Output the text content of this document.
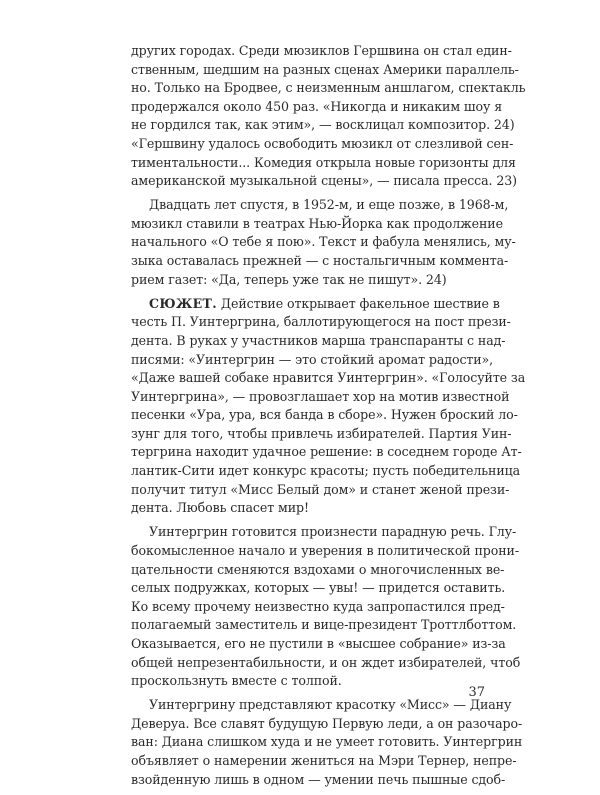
других городах. Среди мюзиклов Гершвина он стал един-
ственным, шедшим на разных сценах Америки параллель-
но. Только на Бродвее, с неизменным аншлагом, спектакль
продержался около 450 раз. «Никогда и никаким шоу я
не гордился так, как этим», — восклицал композитор. 24)
«Гершвину удалось освободить мюзикл от слезливой сен-
тиментальности... Комедия открыла новые горизонты для
американской музыкальной сцены», — писала пресса. 23)
Двадцать лет спустя, в 1952-м, и еще позже, в 1968-м,
мюзикл ставили в театрах Нью-Йорка как продолжение
начального «О тебе я пою». Текст и фабула менялись, му-
зыка оставалась прежней — с ностальгичным коммента-
рием газет: «Да, теперь уже так не пишут». 24)
СЮЖЕТ. Действие открывает факельное шествие в
честь П. Уинтергрина, баллотирующегося на пост прези-
дента. В руках у участников марша транспаранты с над-
писями: «Уинтергрин — это стойкий аромат радости»,
«Даже вашей собаке нравится Уинтергрин». «Голосуйте за
Уинтергрина», — провозглашает хор на мотив известной
песенки «Ура, ура, вся банда в сборе». Нужен броский ло-
зунг для того, чтобы привлечь избирателей. Партия Уин-
тергрина находит удачное решение: в соседнем городе Ат-
лантик-Сити идет конкурс красоты; пусть победительница
получит титул «Мисс Белый дом» и станет женой прези-
дента. Любовь спасет мир!
Уинтергрин готовится произнести парадную речь. Глу-
бокомысленное начало и уверения в политической прони-
цательности сменяются вздохами о многочисленных ве-
селых подружках, которых — увы! — придется оставить.
Ко всему прочему неизвестно куда запропастился пред-
полагаемый заместитель и вице-президент Троттлботтом.
Оказывается, его не пустили в «высшее собрание» из-за
общей непрезентабильности, и он ждет избирателей, чтоб
проскользнуть вместе с толпой.
Уинтергрину представляют красотку «Мисс» — Диану
Деверуа. Все славят будущую Первую леди, а он разочаро-
ван: Диана слишком худа и не умеет готовить. Уинтергрин
объявляет о намерении жениться на Мэри Тернер, непре-
взойденную лишь в одном — умении печь пышные сдоб-
37
